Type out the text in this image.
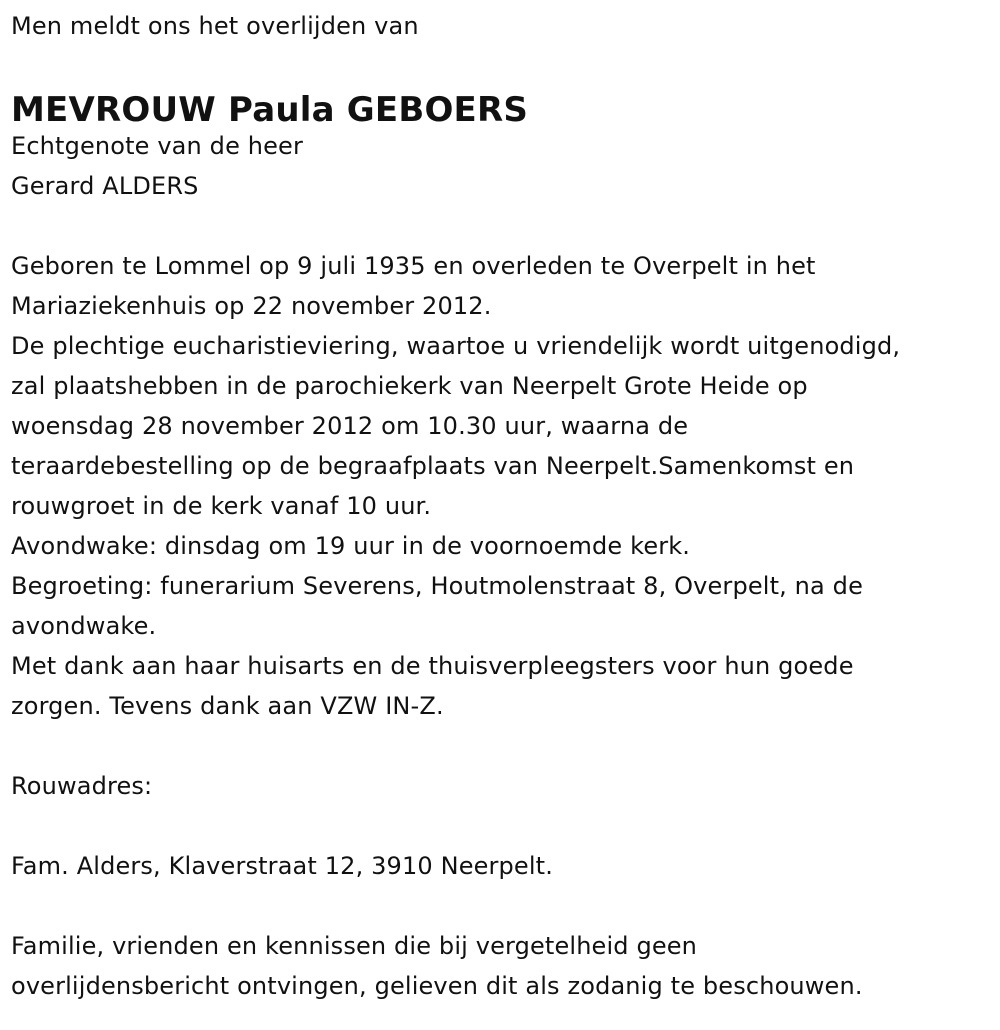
Men meldt ons het overlijden van
MEVROUW Paula GEBOERS
Echtgenote van de heer
Gerard ALDERS
Geboren te Lommel op 9 juli 1935 en overleden te Overpelt in het
Mariaziekenhuis op 22 november 2012.
De plechtige eucharistieviering, waartoe u vriendelijk wordt uitgenodigd,
zal plaatshebben in de parochiekerk van Neerpelt Grote Heide op
woensdag 28 november 2012 om 10.30 uur, waarna de
teraardebestelling op de begraafplaats van Neerpelt.Samenkomst en
rouwgroet in de kerk vanaf 10 uur.
Avondwake: dinsdag om 19 uur in de voornoemde kerk.
Begroeting: funerarium Severens, Houtmolenstraat 8, Overpelt, na de
avondwake.
Met dank aan haar huisarts en de thuisverpleegsters voor hun goede
zorgen. Tevens dank aan VZW IN-Z.
Rouwadres:
Fam. Alders, Klaverstraat 12, 3910 Neerpelt.
Familie, vrienden en kennissen die bij vergetelheid geen
overlijdensbericht ontvingen, gelieven dit als zodanig te beschouwen.
